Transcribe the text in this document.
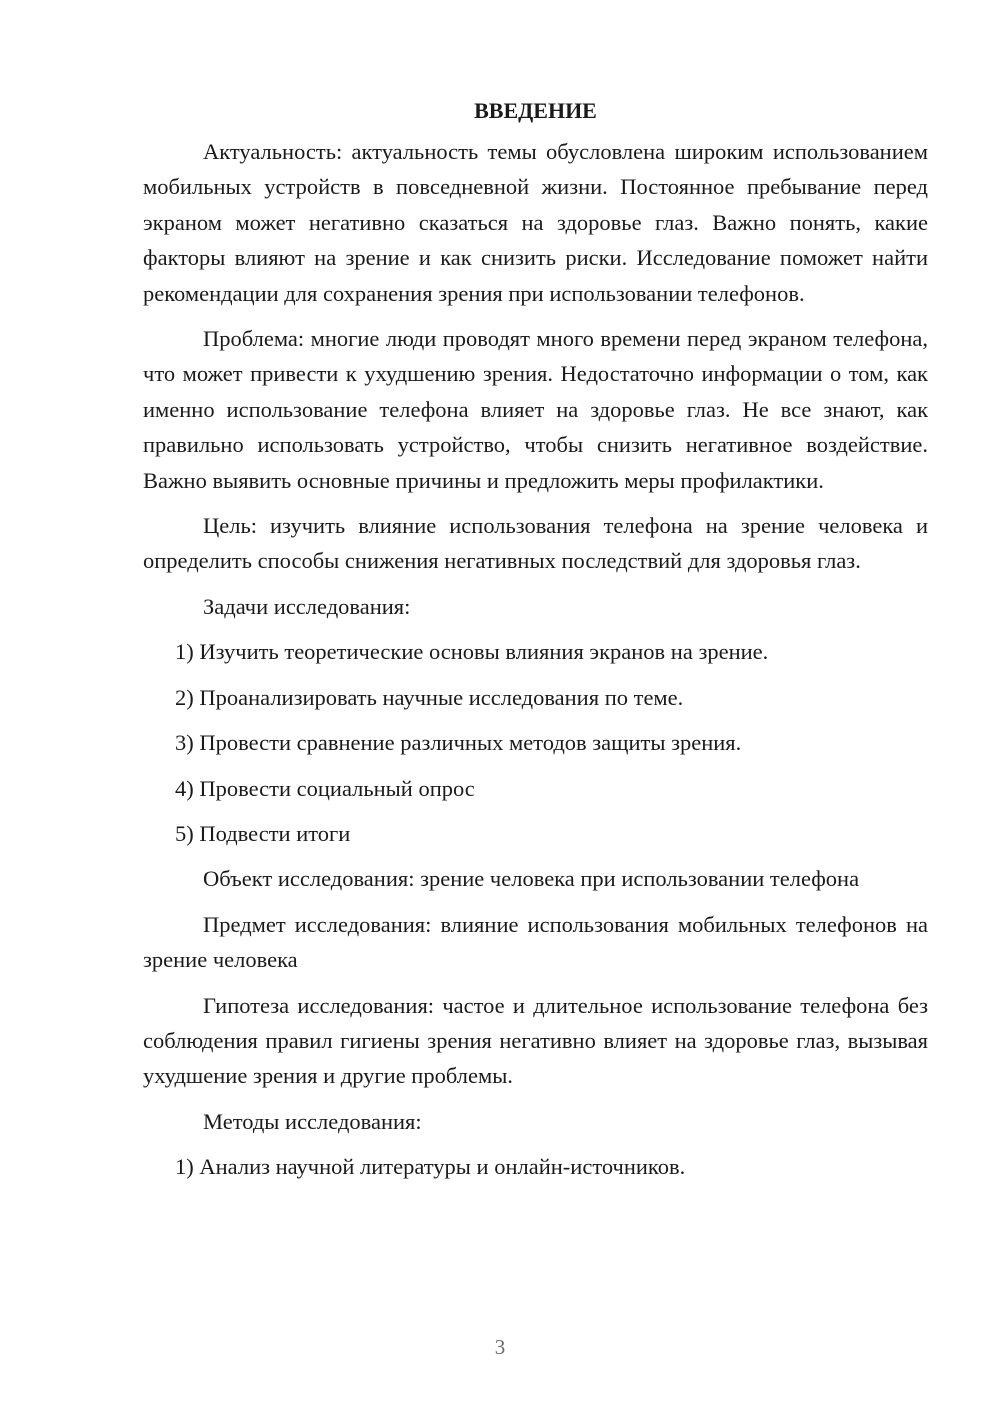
ВВЕДЕНИЕ

Актуальность: актуальность темы обусловлена широким использованием мобильных устройств в повседневной жизни. Постоянное пребывание перед экраном может негативно сказаться на здоровье глаз. Важно понять, какие факторы влияют на зрение и как снизить риски. Исследование поможет найти рекомендации для сохранения зрения при использовании телефонов.

Проблема: многие люди проводят много времени перед экраном телефона, что может привести к ухудшению зрения. Недостаточно информации о том, как именно использование телефона влияет на здоровье глаз. Не все знают, как правильно использовать устройство, чтобы снизить негативное воздействие. Важно выявить основные причины и предложить меры профилактики.

Цель: изучить влияние использования телефона на зрение человека и определить способы снижения негативных последствий для здоровья глаз.

Задачи исследования:
1) Изучить теоретические основы влияния экранов на зрение.
2) Проанализировать научные исследования по теме.
3) Провести сравнение различных методов защиты зрения.
4) Провести социальный опрос
5) Подвести итоги

Объект исследования: зрение человека при использовании телефона

Предмет исследования: влияние использования мобильных телефонов на зрение человека

Гипотеза исследования: частое и длительное использование телефона без соблюдения правил гигиены зрения негативно влияет на здоровье глаз, вызывая ухудшение зрения и другие проблемы.

Методы исследования:
1) Анализ научной литературы и онлайн-источников.
3
